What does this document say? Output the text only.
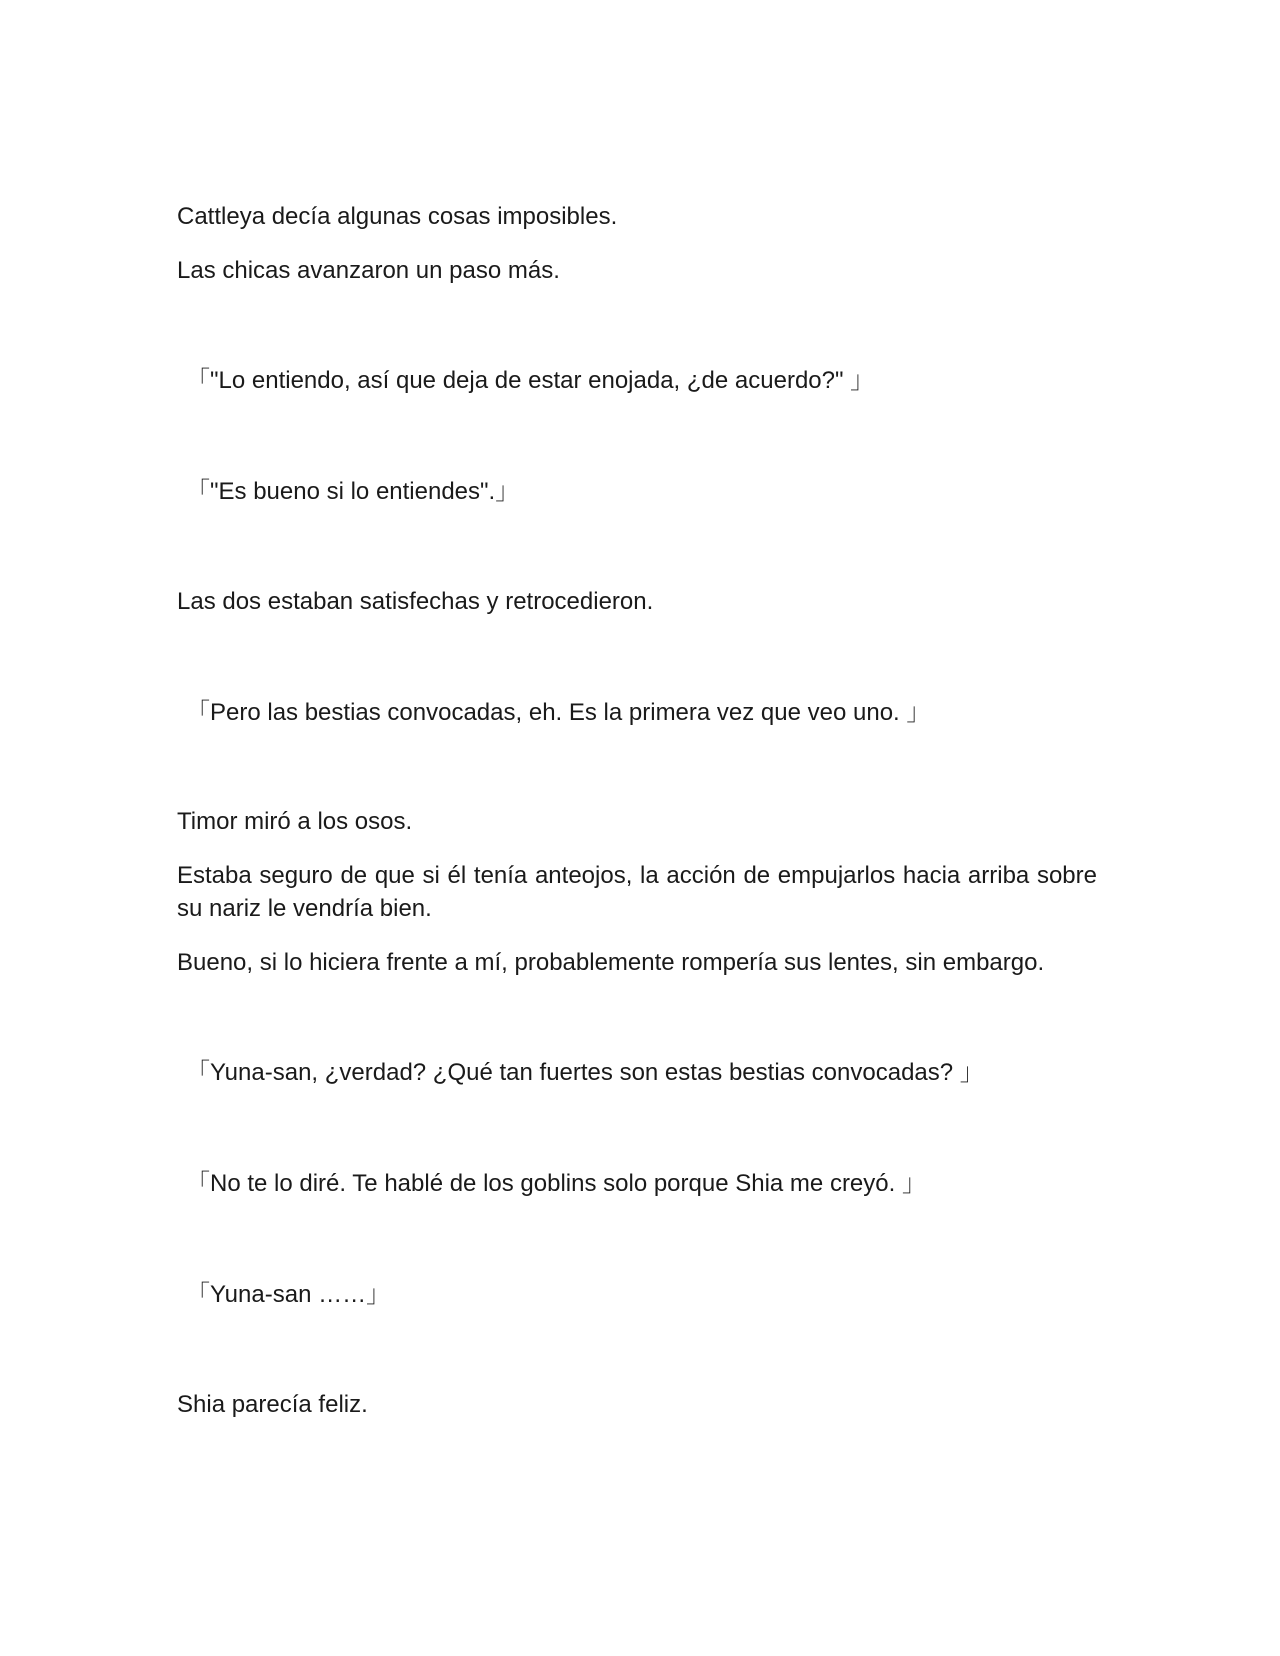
Cattleya decía algunas cosas imposibles.

Las chicas avanzaron un paso más.

「"Lo entiendo, así que deja de estar enojada, ¿de acuerdo?" 」

「"Es bueno si lo entiendes".」

Las dos estaban satisfechas y retrocedieron.

「Pero las bestias convocadas, eh. Es la primera vez que veo uno. 」

Timor miró a los osos.

Estaba seguro de que si él tenía anteojos, la acción de empujarlos hacia arriba sobre su nariz le vendría bien.

Bueno, si lo hiciera frente a mí, probablemente rompería sus lentes, sin embargo.

「Yuna-san, ¿verdad? ¿Qué tan fuertes son estas bestias convocadas? 」

「No te lo diré. Te hablé de los goblins solo porque Shia me creyó. 」

「Yuna-san ……」

Shia parecía feliz.
